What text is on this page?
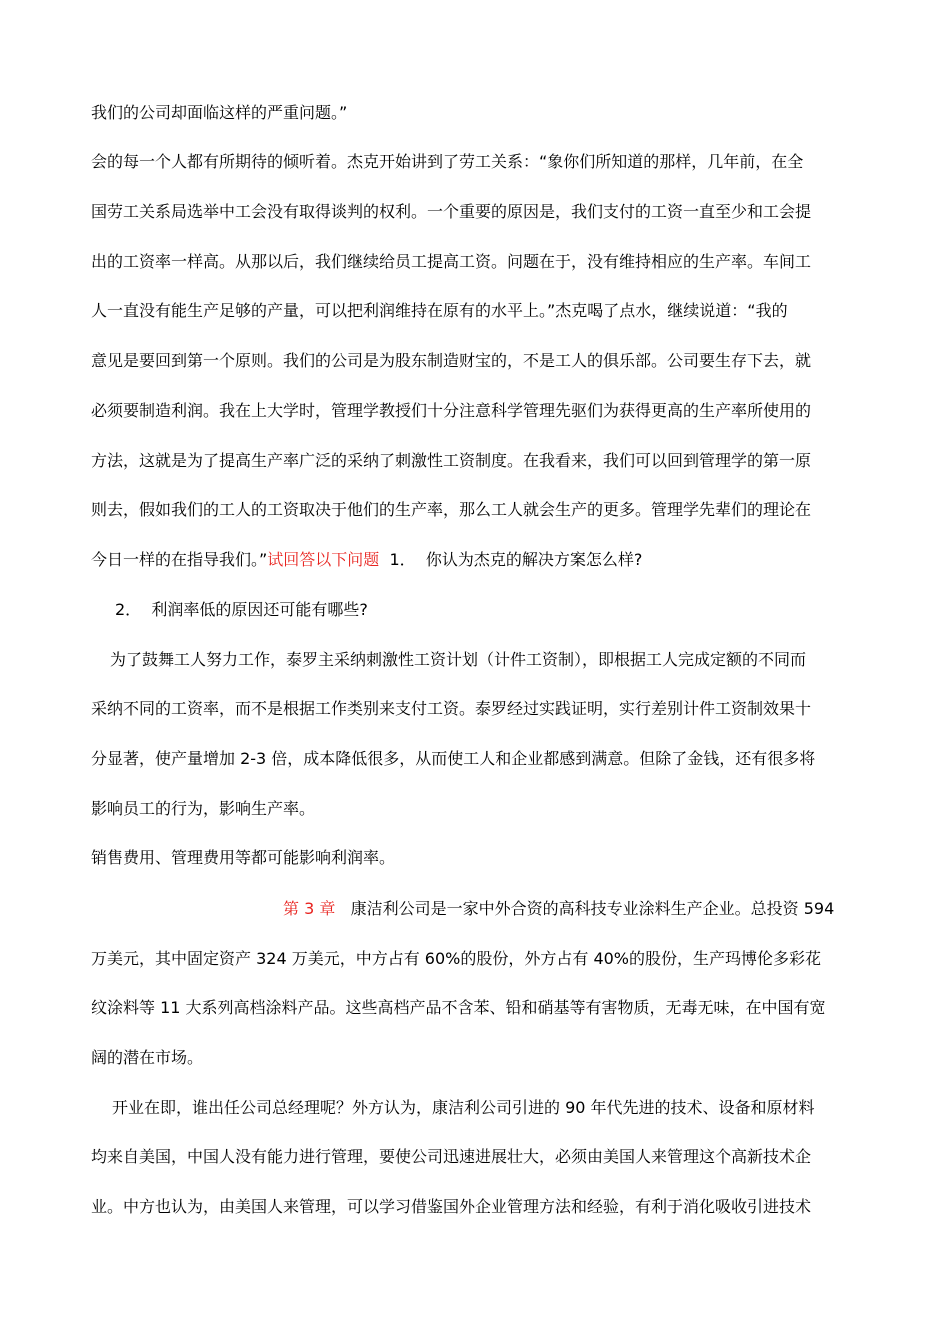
我们的公司却面临这样的严重问题。”
会的每一个人都有所期待的倾听着。杰克开始讲到了劳工关系：“象你们所知道的那样，几年前，在全
国劳工关系局选举中工会没有取得谈判的权利。一个重要的原因是，我们支付的工资一直至少和工会提
出的工资率一样高。从那以后，我们继续给员工提高工资。问题在于，没有维持相应的生产率。车间工
人一直没有能生产足够的产量，可以把利润维持在原有的水平上。”杰克喝了点水，继续说道：“我的
意见是要回到第一个原则。我们的公司是为股东制造财宝的，不是工人的俱乐部。公司要生存下去，就
必须要制造利润。我在上大学时，管理学教授们十分注意科学管理先驱们为获得更高的生产率所使用的
方法，这就是为了提高生产率广泛的采纳了刺激性工资制度。在我看来，我们可以回到管理学的第一原
则去，假如我们的工人的工资取决于他们的生产率，那么工人就会生产的更多。管理学先辈们的理论在
今日一样的在指导我们。”试回答以下问题  1．  你认为杰克的解决方案怎么样?
2．  利润率低的原因还可能有哪些?
为了鼓舞工人努力工作，泰罗主采纳刺激性工资计划（计件工资制），即根据工人完成定额的不同而
采纳不同的工资率，而不是根据工作类别来支付工资。泰罗经过实践证明，实行差别计件工资制效果十
分显著，使产量增加 2-3 倍，成本降低很多，从而使工人和企业都感到满意。但除了金钱，还有很多将
影响员工的行为，影响生产率。
销售费用、管理费用等都可能影响利润率。
第 3 章 康洁利公司是一家中外合资的高科技专业涂料生产企业。总投资 594
万美元，其中固定资产 324 万美元，中方占有 60%的股份，外方占有 40%的股份，生产玛博伦多彩花
纹涂料等 11 大系列高档涂料产品。这些高档产品不含苯、铅和硝基等有害物质，无毒无味，在中国有宽
阔的潜在市场。
开业在即，谁出任公司总经理呢？外方认为，康洁利公司引进的 90 年代先进的技术、设备和原材料
均来自美国，中国人没有能力进行管理，要使公司迅速进展壮大，必须由美国人来管理这个高新技术企
业。中方也认为，由美国人来管理，可以学习借鉴国外企业管理方法和经验，有利于消化吸收引进技术
